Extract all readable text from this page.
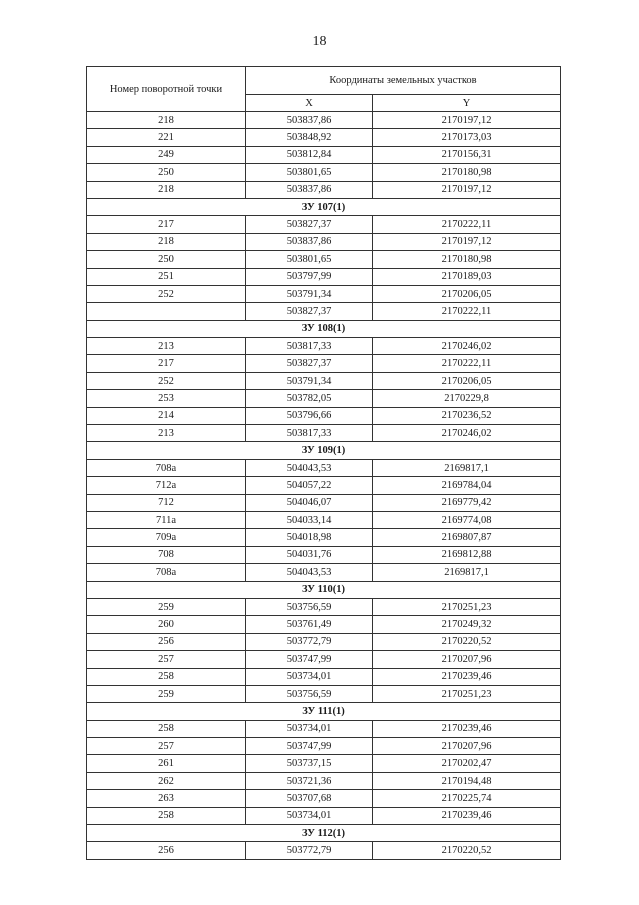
18
Номер поворотной точки	Координаты земельных участков	
	X	Y
218	503837,86	2170197,12
221	503848,92	2170173,03
249	503812,84	2170156,31
250	503801,65	2170180,98
218	503837,86	2170197,12
ЗУ 107(1)		
217	503827,37	2170222,11
218	503837,86	2170197,12
250	503801,65	2170180,98
251	503797,99	2170189,03
252	503791,34	2170206,05
	503827,37	2170222,11
ЗУ 108(1)		
213	503817,33	2170246,02
217	503827,37	2170222,11
252	503791,34	2170206,05
253	503782,05	2170229,8
214	503796,66	2170236,52
213	503817,33	2170246,02
ЗУ 109(1)		
708а	504043,53	2169817,1
712а	504057,22	2169784,04
712	504046,07	2169779,42
711а	504033,14	2169774,08
709а	504018,98	2169807,87
708	504031,76	2169812,88
708а	504043,53	2169817,1
ЗУ 110(1)		
259	503756,59	2170251,23
260	503761,49	2170249,32
256	503772,79	2170220,52
257	503747,99	2170207,96
258	503734,01	2170239,46
259	503756,59	2170251,23
ЗУ 111(1)		
258	503734,01	2170239,46
257	503747,99	2170207,96
261	503737,15	2170202,47
262	503721,36	2170194,48
263	503707,68	2170225,74
258	503734,01	2170239,46
ЗУ 112(1)		
256	503772,79	2170220,52
